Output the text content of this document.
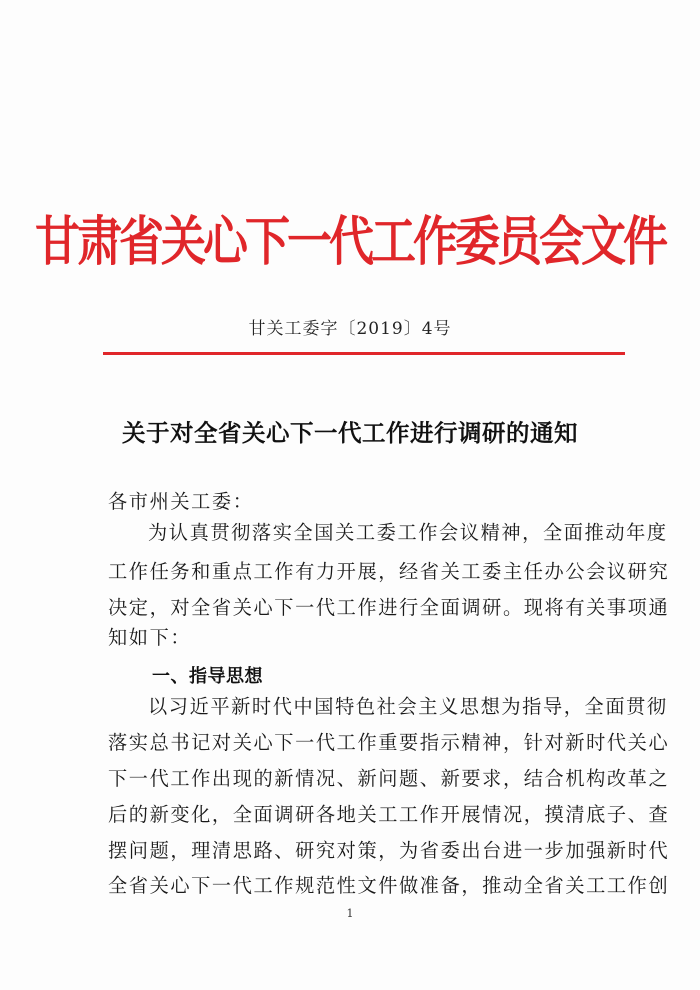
甘肃省关心下一代工作委员会文件
甘关工委字〔2019〕4号
关于对全省关心下一代工作进行调研的通知
各市州关工委：
为认真贯彻落实全国关工委工作会议精神，全面推动年度
工作任务和重点工作有力开展，经省关工委主任办公会议研究
决定，对全省关心下一代工作进行全面调研。现将有关事项通
知如下：
一、指导思想
以习近平新时代中国特色社会主义思想为指导，全面贯彻
落实总书记对关心下一代工作重要指示精神，针对新时代关心
下一代工作出现的新情况、新问题、新要求，结合机构改革之
后的新变化，全面调研各地关工工作开展情况，摸清底子、查
摆问题，理清思路、研究对策，为省委出台进一步加强新时代
全省关心下一代工作规范性文件做准备，推动全省关工工作创
1
